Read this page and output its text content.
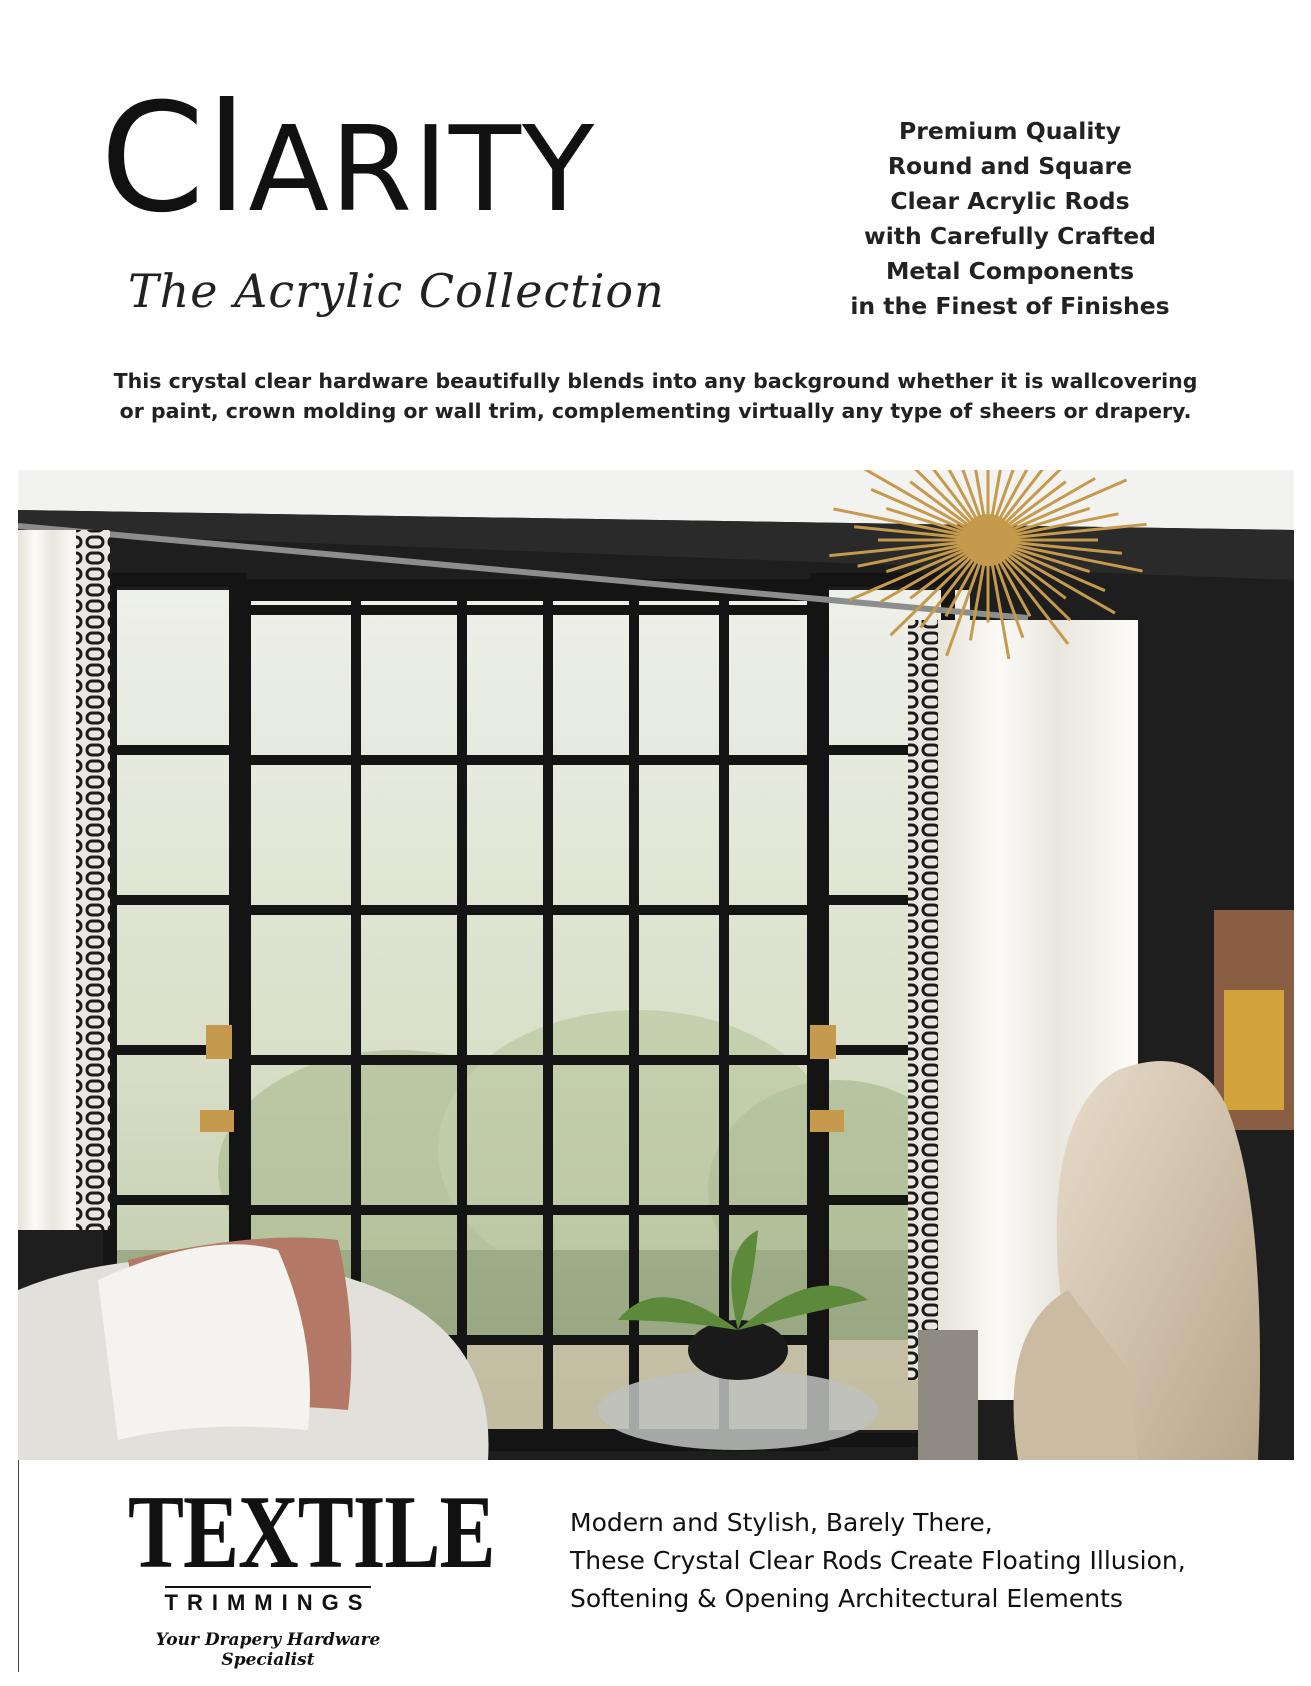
ClARITY
The Acrylic Collection
Premium Quality
Round and Square
Clear Acrylic Rods
with Carefully Crafted
Metal Components
in the Finest of Finishes
This crystal clear hardware beautifully blends into any background whether it is wallcovering
or paint, crown molding or wall trim, complementing virtually any type of sheers or drapery.
TEXTILE
TRIMMINGS
Your Drapery Hardware Specialist
Modern and Stylish, Barely There,
These Crystal Clear Rods Create Floating Illusion,
Softening & Opening Architectural Elements
